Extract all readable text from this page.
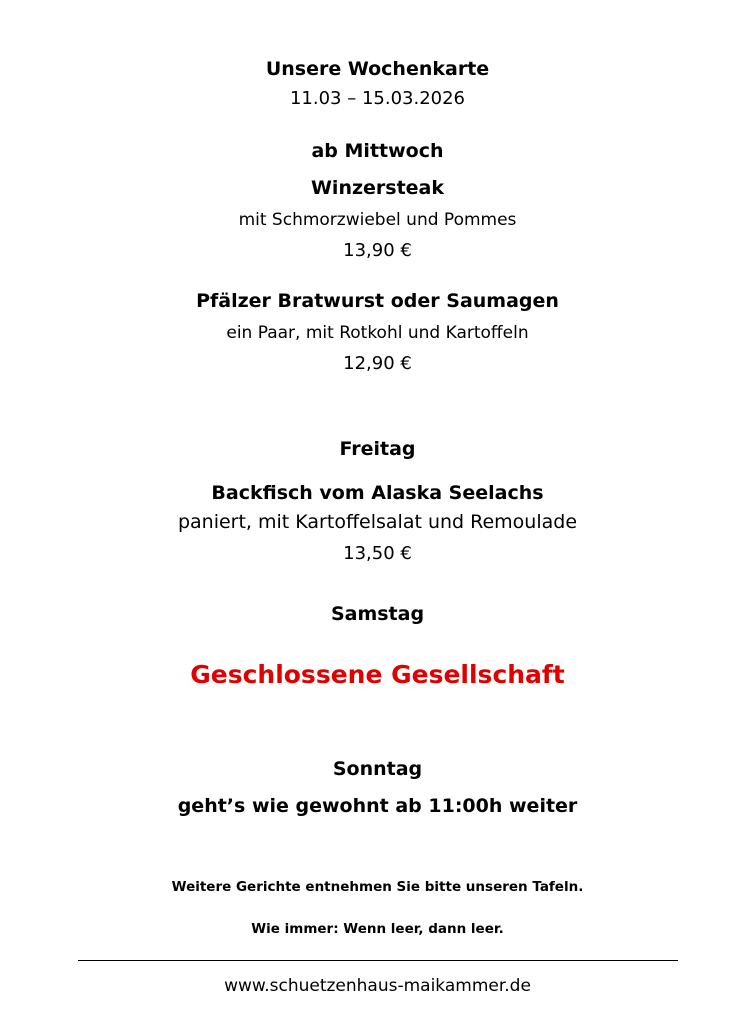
Unsere Wochenkarte
11.03 – 15.03.2026
ab Mittwoch
Winzersteak
mit Schmorzwiebel und Pommes
13,90 €
Pfälzer Bratwurst oder Saumagen
ein Paar, mit Rotkohl und Kartoffeln
12,90 €
Freitag
Backfisch vom Alaska Seelachs
paniert, mit Kartoffelsalat und Remoulade
13,50 €
Samstag
Geschlossene Gesellschaft
Sonntag
geht’s wie gewohnt ab 11:00h weiter
Weitere Gerichte entnehmen Sie bitte unseren Tafeln.
Wie immer: Wenn leer, dann leer.
www.schuetzenhaus-maikammer.de
